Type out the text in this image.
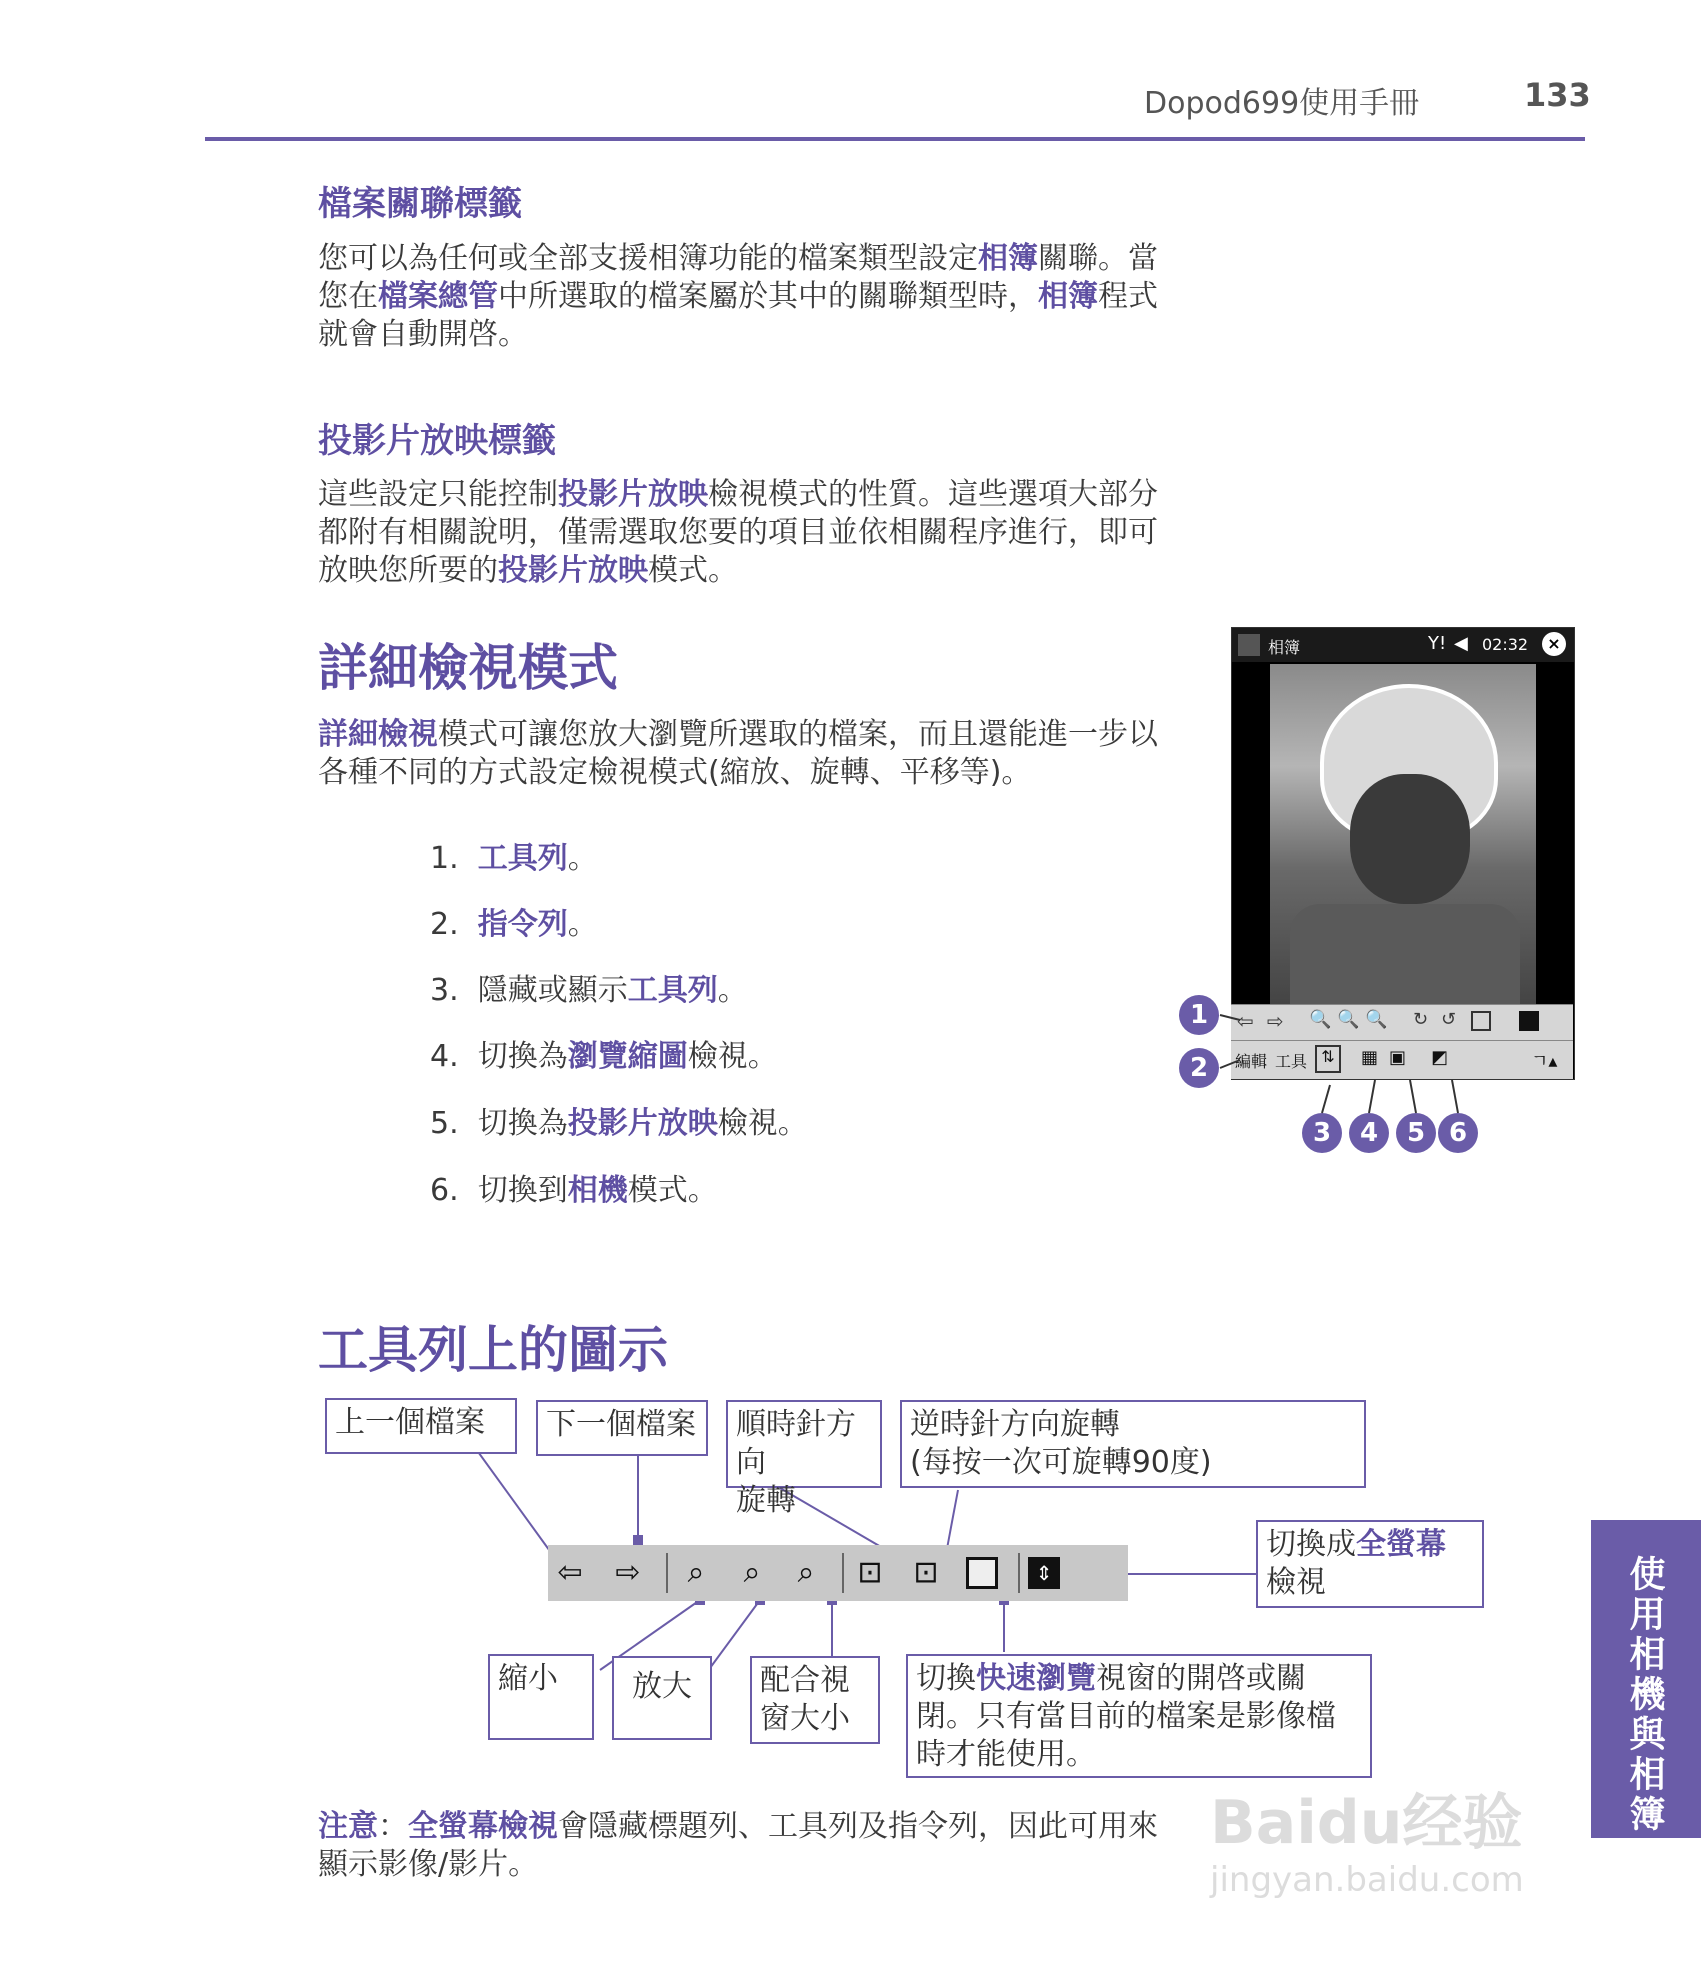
Dopod699使用手冊	133
檔案關聯標籤
您可以為任何或全部支援相簿功能的檔案類型設定相簿關聯。當
您在檔案總管中所選取的檔案屬於其中的關聯類型時，相簿程式
就會自動開啓。
投影片放映標籤
這些設定只能控制投影片放映檢視模式的性質。這些選項大部分
都附有相關說明，僅需選取您要的項目並依相關程序進行，即可
放映您所要的投影片放映模式。
詳細檢視模式
詳細檢視模式可讓您放大瀏覽所選取的檔案，而且還能進一步以
各種不同的方式設定檢視模式(縮放、旋轉、平移等)。
1. 工具列。
2. 指令列。
3. 隱藏或顯示工具列。
4. 切換為瀏覽縮圖檢視。
5. 切換為投影片放映檢視。
6. 切換到相機模式。
相簿	Y! ◀ 02:32	×
⇦ ⇨ 🔍 🔍 🔍 ↻ ↺
編輯 工具 ⇅	▦ ▣ ◩	ㄱ▴
1
2
3	4	5 6
工具列上的圖示
⇦ ⇨	⌕	⌕	⌕	⊡ ⊡	⇕
上一個檔案	下一個檔案	順時針方向
旋轉
逆時針方向旋轉
(每按一次可旋轉90度)
切換成全螢幕
檢視
縮小	放大	配合視
窗大小
切換快速瀏覽視窗的開啓或關
閉。只有當目前的檔案是影像檔
時才能使用。
注意：全螢幕檢視會隱藏標題列、工具列及指令列，因此可用來
顯示影像/影片。
使用相機與相簿
Baidu经验
jingyan.baidu.com
